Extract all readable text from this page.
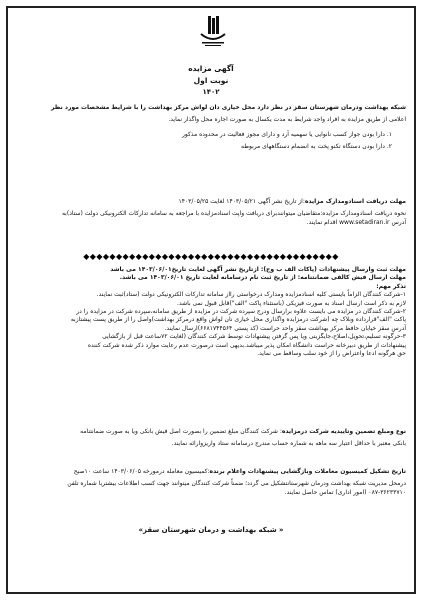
آگهی مزایده
نوبت اول
۱۴۰۲
شبکه بهداشت ودرمان شهرستان سقز در نظر دارد محل خیاری دان لواش مرکز بهداشت را با شرایط مشخصات مورد نظر
اعلامی از طریق مزایده به افراد واجد شرایط به مدت یکسال به صورت اجاره محل واگذار نماید.
۱. دارا بودن جواز کسب نانوایی یا سهمیه آرد و دارای مجوز فعالیت در محدوده مذکور
۲. دارا بودن دستگاه تکنو پخت به انضمام دستگاههای مربوطه
مهلت دریافت اسنادومدارک مزایده:از تاریخ نشر آگهی ۱۴۰۳/۰۵/۲۱ لغایت ۱۴۰۳/۰۵/۲۵
نحوه دریافت اسنادومدارک مزایده:متقاضیان میتوانندبرای دریافت واپت اسنادمزایده با مراجعه به سامانه تدارکات الکترونیکی دولت (ستاد)به
آدرس www.setadiran.ir اقدام نمایند.
◆◆◆◆◆◆◆◆◆◆◆◆◆◆◆◆◆◆◆◆◆◆◆◆◆◆◆◆◆◆◆◆◆◆◆◆◆◆◆
مهلت ثبت وارسال پیشنهادات (پاکات الف ب وج): ازتاریخ نشر آگهی لغایت تاریخ۱۴۰۳/۰۶/۰۱ می باشد
مهلت ارسال فیش کالفی ضمانتنامه: از تاریخ ثبت نام درسامانه لغایت تاریخ ۱۴۰۳/۰۶/۰۱ می باشد.
تذکر مهم:
۱-شرکت کنندگان الزاماً بایستی کلیه اسنادمزایده ومدارک درخواستی رااز سامانه تدارکات الکترونیکی دولت (ستاد)ثبت نمایند.
لازم به ذکر است ارسال اسناد به صورت فیزیکی (باستثناء پاکت "الف")قابل قبول نمی باشد.
۲-شرکت کنندگان در مزایده می بایست علاوه برارسال ودرج سپرده شرکت در مزایده از طریق سامانه،سپرده شرکت در مزایده را در
پاکت "الف"قرارداده وبلاک چه (شرکت درمزایده واگذاری محل خیاری نان لواش واقع درمرکز بهداشت)واصل را از طریق پست پیشتازبه
آدرس سقز خیابان حافظ مرکز بهداشت سقز واحد حراست (کد پستی ۶۶۸۱۷۴۴۵۶۴)ارسال نمایند.
۳-حرگونه تسلیم،تحویل،اصلاح،جایگزینی ویا پس گرفتن پیشنهادات توسط شرکت کنندگان (لغایت ۷۲ساعت قبل از بازگشایی
پیشنهادات از طریق دبیرخانه حراست دانشگاه امکان پذیر میباشد.بدیهی است درصورت عدم رعایت موارد ذکر شده شرکت کننده
حق هرگونه ادعا واعتراض را از خود سلب وساقط می نماید.
نوع ومبلغ تضمین وتاییدیه شرکت درمزایده: شرکت کنندگان مبلغ تضمین را بصورت اصل فیش بانکی ویا به صورت ضمانتنامه
بانکی معتبر با حداقل اعتبار سه ماهه به شماره حساب مندرج درسامانه ستاد واریزوارائه نمایند.
تاریخ تشکیل کمیسیون معاملات وبازگشایی پیشنهادات واعلام برنده:کمیسیون معامله درمورخه ۱۴۰۳/۰۶/۰۵ ساعت ۱۰صبح
درمحل مدیریت شبکه بهداشت ودرمان شهرستانتشکیل می گردد؛ ضمناً شرکت کنندگان میتوانند جهت کسب اطلاعات بیشتربا شماره تلفن
۰۸۷-۳۶۲۳۳۷۱۰ (امور اداری) تماس حاصل نمایند.
« شبکه بهداشت و درمان شهرستان سقز»
